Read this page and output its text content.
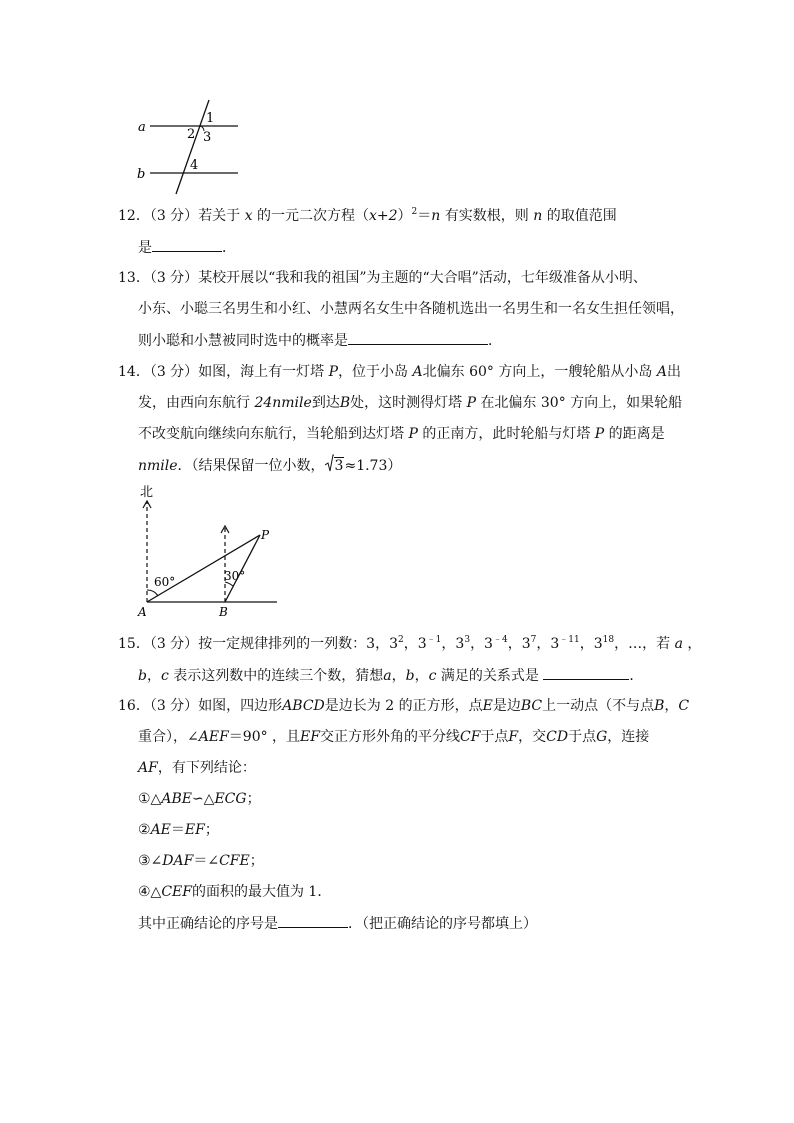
a
b
1
2 3
4
12．（3 分）若关于 x 的一元二次方程$(x+2)^2=n$ 有实数根，则 n 的取值范围
是	．
13．（3 分）某校开展以“我和我的祖国”为主题的“大合唱”活动，七年级准备从小明、
小东、小聪三名男生和小红、小慧两名女生中各随机选出一名男生和一名女生担任领唱，
则小聪和小慧被同时选中的概率是	．
14．（3 分）如图，海上有一灯塔 P，位于小岛 A北偏东 60° 方向上，一艘轮船从小岛 A出
发，由西向东航行 24nmile到达B处，这时测得灯塔 P 在北偏东 30° 方向上，如果轮船
不改变航向继续向东航行，当轮船到达灯塔 P 的正南方，此时轮船与灯塔 P 的距离是
nmile．（结果保留一位小数， 3≈1.73）
北
60°	30°
A	B
P
15．（3 分）按一定规律排列的一列数：3，$3^2$，$3^{﹣1}$，$3^3$，$3^{﹣4}$，$3^7$，$3^{﹣11}$，$3^{18}$，…，若 a ，
b，c 表示这列数中的连续三个数，猜想a，b，c 满足的关系式是	．
16．（3 分）如图，四边形ABCD是边长为 2 的正方形，点E是边BC上一动点（不与点B，C
重合），∠AEF＝90° ，且EF交正方形外角的平分线CF于点F，交CD于点G，连接
AF，有下列结论：
①△ABE∽△ECG；
②AE＝EF；
③∠DAF＝∠CFE；
④△CEF的面积的最大值为 1．
其中正确结论的序号是	．（把正确结论的序号都填上）
